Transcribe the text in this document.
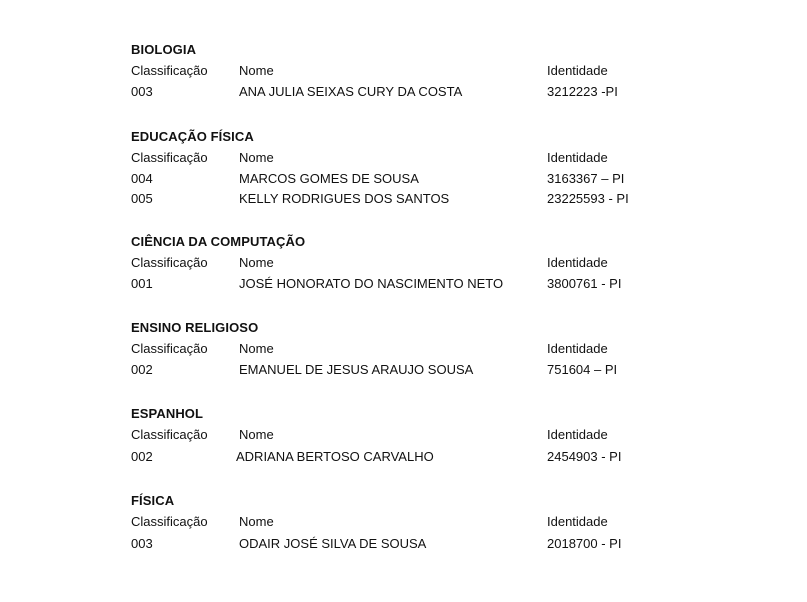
BIOLOGIA
Classificação Nome	Identidade
003	ANA JULIA SEIXAS CURY DA COSTA	3212223 -PI
EDUCAÇÃO FÍSICA
Classificação Nome	Identidade
004	MARCOS GOMES DE SOUSA	3163367 – PI
005	KELLY RODRIGUES DOS SANTOS	23225593 - PI
CIÊNCIA DA COMPUTAÇÃO
Classificação Nome	Identidade
001	JOSÉ HONORATO DO NASCIMENTO NETO	3800761 - PI
ENSINO RELIGIOSO
Classificação Nome	Identidade
002	EMANUEL DE JESUS ARAUJO SOUSA	751604 – PI
ESPANHOL
Classificação Nome	Identidade
002	ADRIANA BERTOSO CARVALHO	2454903 - PI
FÍSICA
Classificação Nome	Identidade
003	ODAIR JOSÉ SILVA DE SOUSA	2018700 - PI
